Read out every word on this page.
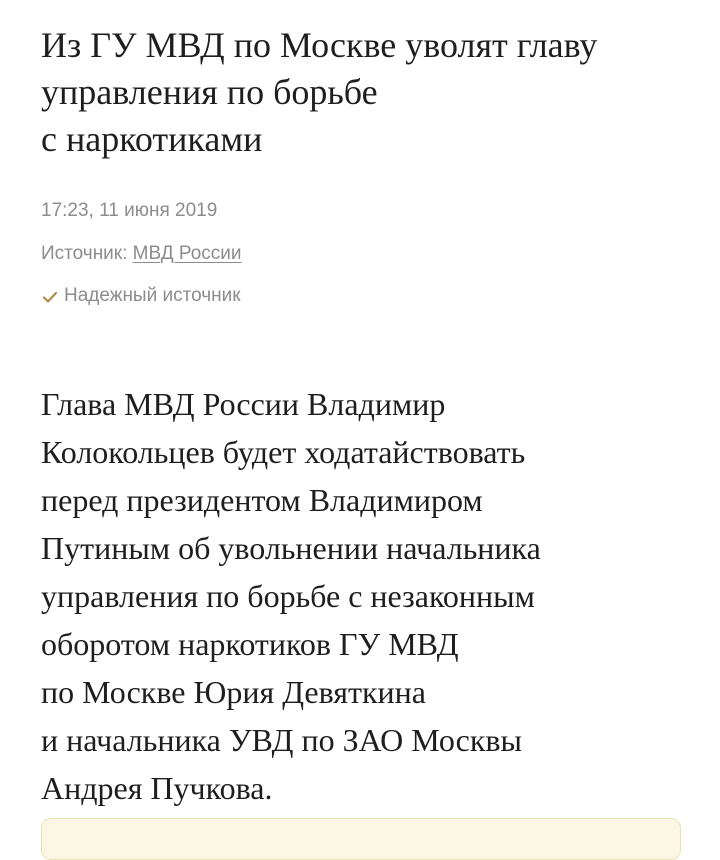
Из ГУ МВД по Москве уволят главу
управления по борьбе
с наркотиками
17:23, 11 июня 2019
Источник: МВД России
Надежный источник

Глава МВД России Владимир
Колокольцев будет ходатайствовать
перед президентом Владимиром
Путиным об увольнении начальника
управления по борьбе с незаконным
оборотом наркотиков ГУ МВД
по Москве Юрия Девяткина
и начальника УВД по ЗАО Москвы
Андрея Пучкова.
